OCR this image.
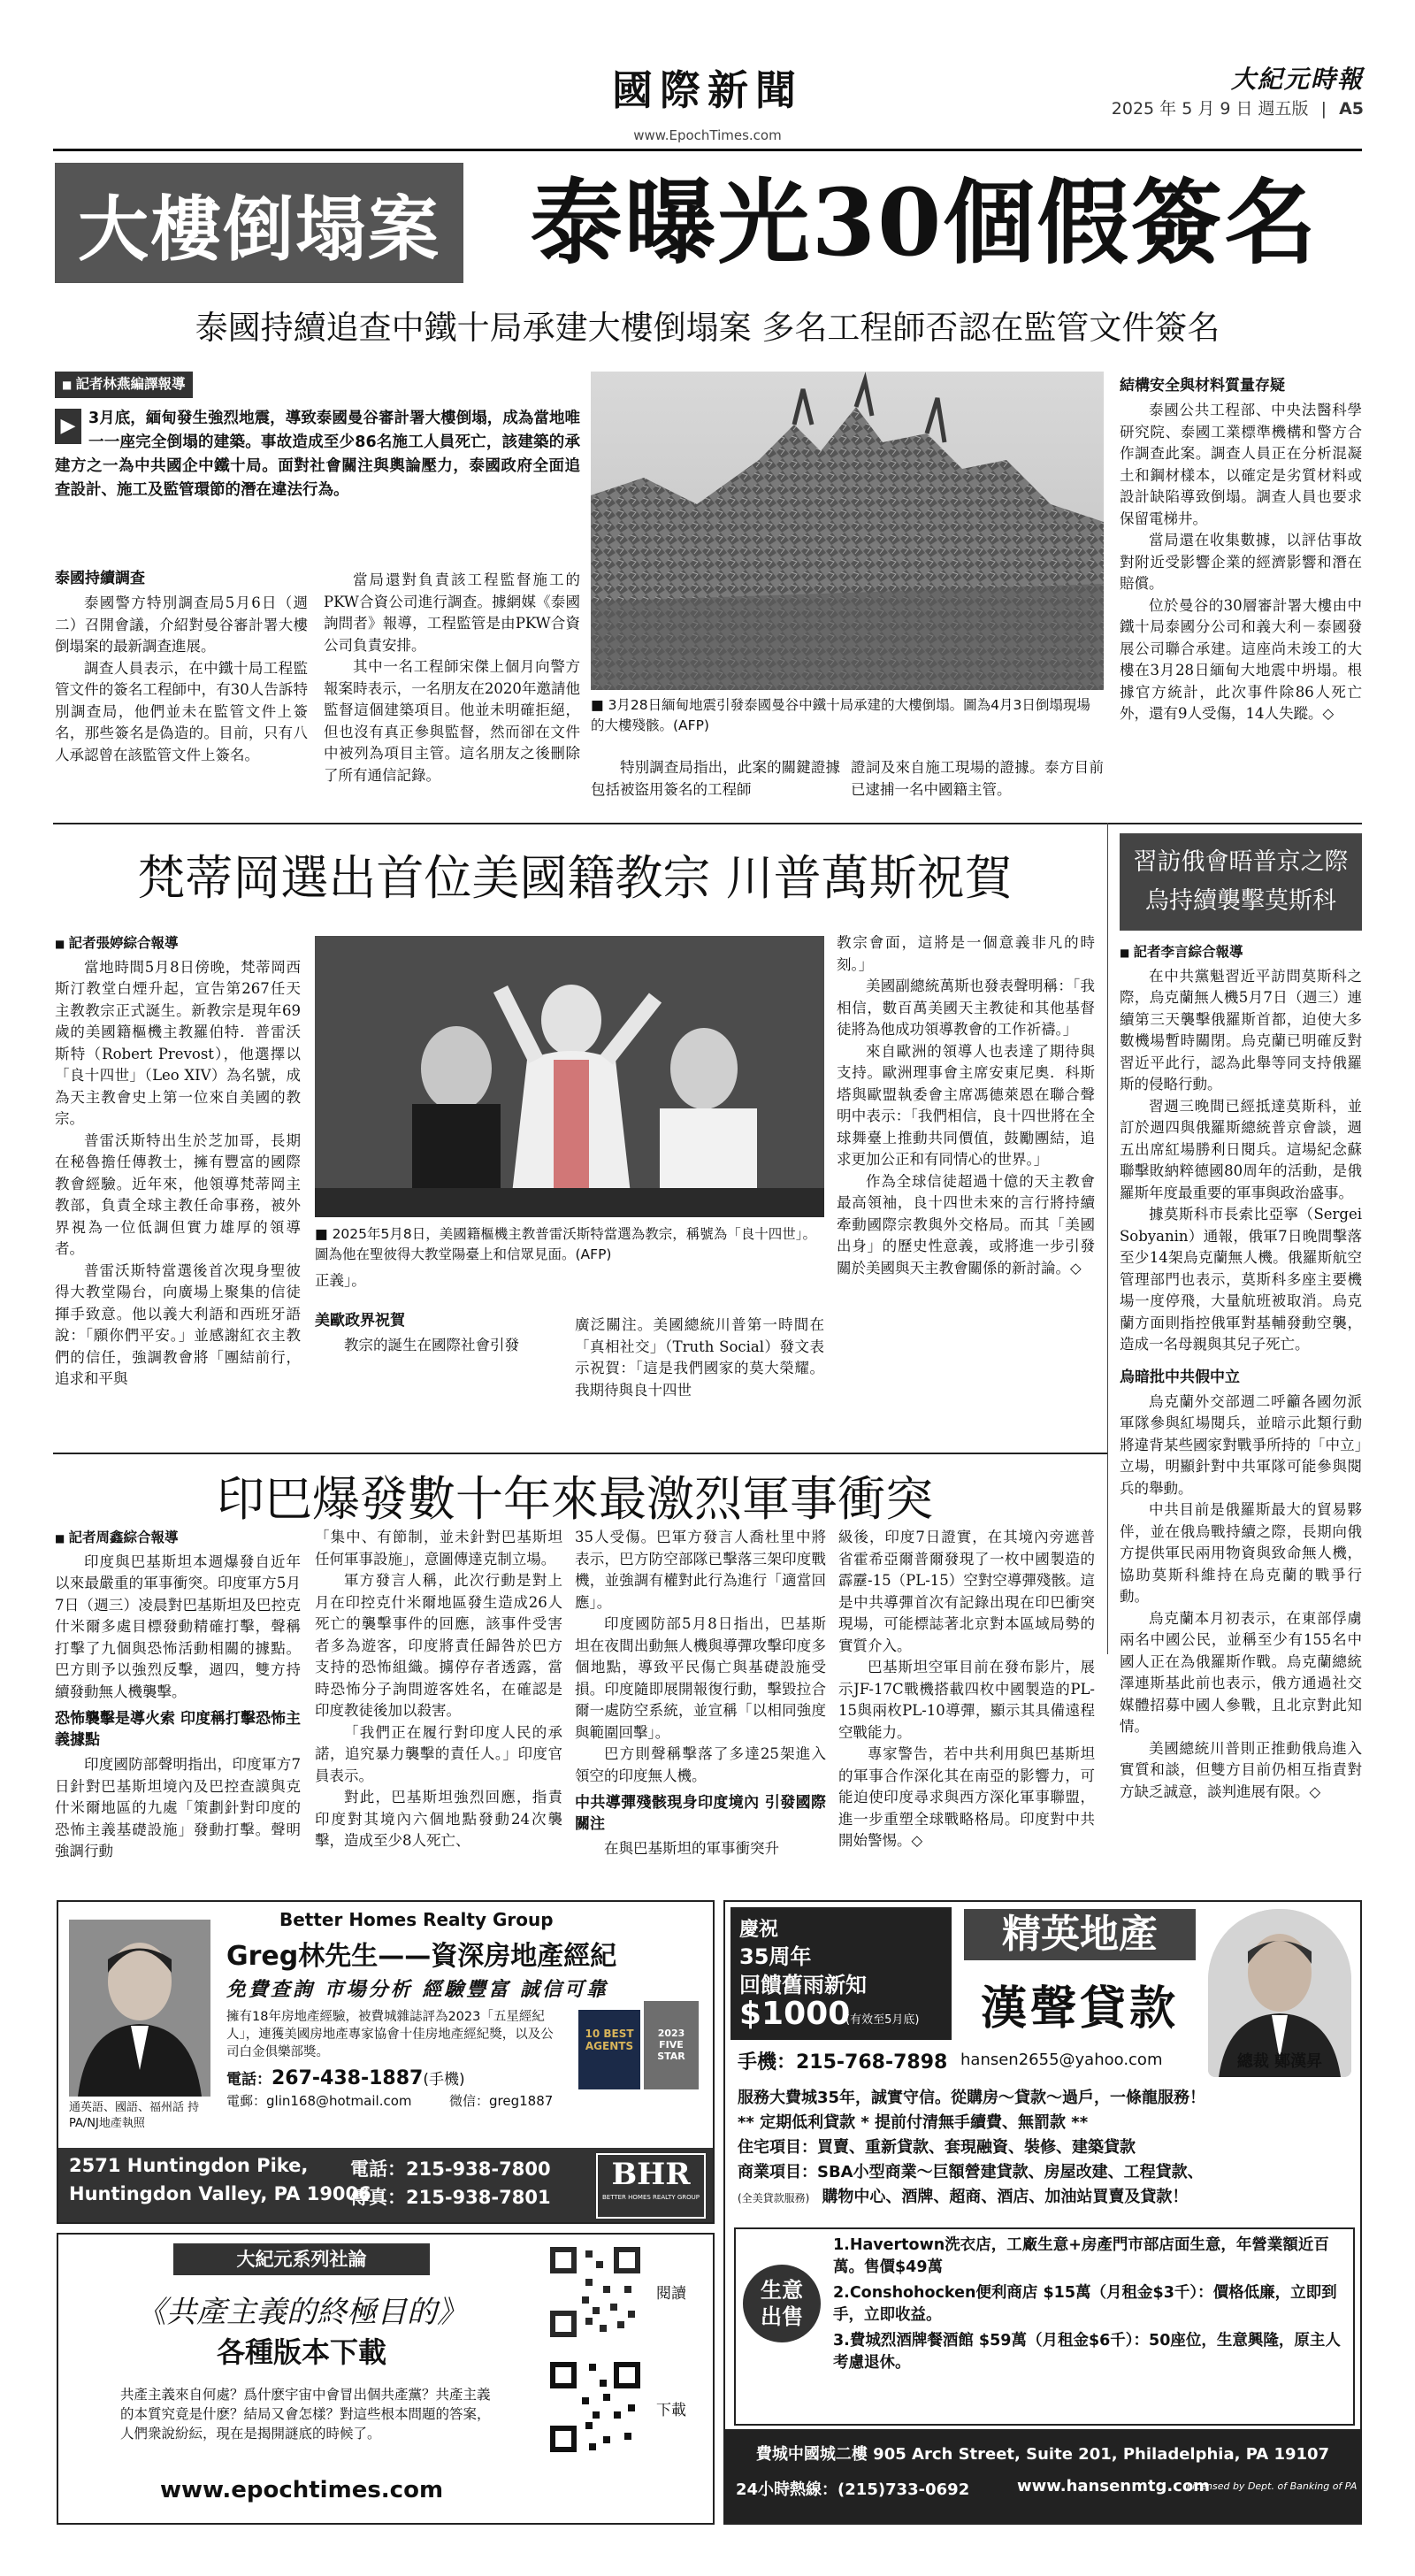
國際新聞
www.EpochTimes.com
大紀元時報
2025 年 5 月 9 日 週五版 | A5
大樓倒塌案 泰曝光30個假簽名
泰國持續追查中鐵十局承建大樓倒塌案 多名工程師否認在監管文件簽名
■ 記者林燕編譯報導
▶ 3月底，緬甸發生強烈地震，導致泰國曼谷審計署大樓倒塌，成為當地唯一一座完全倒塌的建築。事故造成至少86名施工人員死亡，該建築的承建方之一為中共國企中鐵十局。面對社會關注與輿論壓力，泰國政府全面追查設計、施工及監管環節的潛在違法行為。
泰國持續調查

泰國警方特別調查局5月6日（週二）召開會議，介紹對曼谷審計署大樓倒塌案的最新調查進展。

調查人員表示，在中鐵十局工程監管文件的簽名工程師中，有30人告訴特別調查局，他們並未在監管文件上簽名，那些簽名是偽造的。目前，只有八人承認曾在該監管文件上簽名。

當局還對負責該工程監督施工的PKW合資公司進行調查。據網媒《泰國詢問者》報導，工程監管是由PKW合資公司負責安排。

其中一名工程師宋傑上個月向警方報案時表示，一名朋友在2020年邀請他監督這個建築項目。他並未明確拒絕，但也沒有真正參與監督，然而卻在文件中被列為項目主管。這名朋友之後刪除了所有通信記錄。

■ 3月28日緬甸地震引發泰國曼谷中鐵十局承建的大樓倒塌。圖為4月3日倒塌現場的大樓殘骸。(AFP)

特別調查局指出，此案的關鍵證據包括被盜用簽名的工程師

證詞及來自施工現場的證據。泰方目前已逮捕一名中國籍主管。

結構安全與材料質量存疑

泰國公共工程部、中央法醫科學研究院、泰國工業標準機構和警方合作調查此案。調查人員正在分析混凝土和鋼材樣本，以確定是劣質材料或設計缺陷導致倒塌。調查人員也要求保留電梯井。

當局還在收集數據，以評估事故對附近受影響企業的經濟影響和潛在賠償。

位於曼谷的30層審計署大樓由中鐵十局泰國分公司和義大利－泰國發展公司聯合承建。這座尚未竣工的大樓在3月28日緬甸大地震中坍塌。根據官方統計，此次事件除86人死亡外，還有9人受傷，14人失蹤。◇

梵蒂岡選出首位美國籍教宗 川普萬斯祝賀
■ 記者張婷綜合報導

當地時間5月8日傍晚，梵蒂岡西斯汀教堂白煙升起，宣告第267任天主教教宗正式誕生。新教宗是現年69歲的美國籍樞機主教羅伯特．普雷沃斯特（Robert Prevost），他選擇以「良十四世」（Leo XIV）為名號，成為天主教會史上第一位來自美國的教宗。

普雷沃斯特出生於芝加哥，長期在秘魯擔任傳教士，擁有豐富的國際教會經驗。近年來，他領導梵蒂岡主教部，負責全球主教任命事務，被外界視為一位低調但實力雄厚的領導者。

普雷沃斯特當選後首次現身聖彼得大教堂陽台，向廣場上聚集的信徒揮手致意。他以義大利語和西班牙語說：「願你們平安。」並感謝紅衣主教們的信任，強調教會將「團結前行，追求和平與

■ 2025年5月8日，美國籍樞機主教普雷沃斯特當選為教宗，稱號為「良十四世」。圖為他在聖彼得大教堂陽臺上和信眾見面。(AFP)

正義」。

美歐政界祝賀

教宗的誕生在國際社會引發

廣泛關注。美國總統川普第一時間在「真相社交」（Truth Social）發文表示祝賀：「這是我們國家的莫大榮耀。我期待與良十四世

教宗會面，這將是一個意義非凡的時刻。」

美國副總統萬斯也發表聲明稱：「我相信，數百萬美國天主教徒和其他基督徒將為他成功領導教會的工作祈禱。」

來自歐洲的領導人也表達了期待與支持。歐洲理事會主席安東尼奧．科斯塔與歐盟執委會主席馮德萊恩在聯合聲明中表示：「我們相信，良十四世將在全球舞臺上推動共同價值，鼓勵團結，追求更加公正和有同情心的世界。」

作為全球信徒超過十億的天主教會最高領袖，良十四世未來的言行將持續牽動國際宗教與外交格局。而其「美國出身」的歷史性意義，或將進一步引發關於美國與天主教會關係的新討論。◇

習訪俄會晤普京之際 烏持續襲擊莫斯科
■ 記者李言綜合報導

在中共黨魁習近平訪問莫斯科之際，烏克蘭無人機5月7日（週三）連續第三天襲擊俄羅斯首都，迫使大多數機場暫時關閉。烏克蘭已明確反對習近平此行，認為此舉等同支持俄羅斯的侵略行動。

習週三晚間已經抵達莫斯科，並訂於週四與俄羅斯總統普京會談，週五出席紅場勝利日閱兵。這場紀念蘇聯擊敗納粹德國80周年的活動，是俄羅斯年度最重要的軍事與政治盛事。

據莫斯科市長索比亞寧（Sergei Sobyanin）通報，俄軍7日晚間擊落至少14架烏克蘭無人機。俄羅斯航空管理部門也表示，莫斯科多座主要機場一度停飛，大量航班被取消。烏克蘭方面則指控俄軍對基輔發動空襲，造成一名母親與其兒子死亡。

烏暗批中共假中立

烏克蘭外交部週二呼籲各國勿派軍隊參與紅場閱兵，並暗示此類行動將違背某些國家對戰爭所持的「中立」立場，明顯針對中共軍隊可能參與閱兵的舉動。

中共目前是俄羅斯最大的貿易夥伴，並在俄烏戰持續之際，長期向俄方提供軍民兩用物資與致命無人機，協助莫斯科維持在烏克蘭的戰爭行動。

烏克蘭本月初表示，在東部俘虜兩名中國公民，並稱至少有155名中國人正在為俄羅斯作戰。烏克蘭總統澤連斯基此前也表示，俄方通過社交媒體招募中國人參戰，且北京對此知情。

美國總統川普則正推動俄烏進入實質和談，但雙方目前仍相互指責對方缺乏誠意，談判進展有限。◇

印巴爆發數十年來最激烈軍事衝突
■ 記者周鑫綜合報導

印度與巴基斯坦本週爆發自近年以來最嚴重的軍事衝突。印度軍方5月7日（週三）凌晨對巴基斯坦及巴控克什米爾多處目標發動精確打擊，聲稱打擊了九個與恐怖活動相關的據點。巴方則予以強烈反擊，週四，雙方持續發動無人機襲擊。

恐怖襲擊是導火索 印度稱打擊恐怖主義據點

印度國防部聲明指出，印度軍方7日針對巴基斯坦境內及巴控查謨與克什米爾地區的九處「策劃針對印度的恐怖主義基礎設施」發動打擊。聲明強調行動

「集中、有節制，並未針對巴基斯坦任何軍事設施」，意圖傳達克制立場。

軍方發言人稱，此次行動是對上月在印控克什米爾地區發生造成26人死亡的襲擊事件的回應，該事件受害者多為遊客，印度將責任歸咎於巴方支持的恐怖組織。擄停存者透露，當時恐怖分子詢問遊客姓名，在確認是印度教徒後加以殺害。

「我們正在履行對印度人民的承諾，追究暴力襲擊的責任人。」印度官員表示。

對此，巴基斯坦強烈回應，指責印度對其境內六個地點發動24次襲擊，造成至少8人死亡、

35人受傷。巴軍方發言人喬杜里中將表示，巴方防空部隊已擊落三架印度戰機，並強調有權對此行為進行「適當回應」。

印度國防部5月8日指出，巴基斯坦在夜間出動無人機與導彈攻擊印度多個地點，導致平民傷亡與基礎設施受損。印度隨即展開報復行動，擊毀拉合爾一處防空系統，並宣稱「以相同強度與範圍回擊」。

巴方則聲稱擊落了多達25架進入領空的印度無人機。

中共導彈殘骸現身印度境內 引發國際關注

在與巴基斯坦的軍事衝突升

級後，印度7日證實，在其境內旁遮普省霍希亞爾普爾發現了一枚中國製造的霹靂-15（PL-15）空對空導彈殘骸。這是中共導彈首次有記錄出現在印巴衝突現場，可能標誌著北京對本區域局勢的實質介入。

巴基斯坦空軍目前在發布影片，展示JF-17C戰機搭載四枚中國製造的PL-15與兩枚PL-10導彈，顯示其具備遠程空戰能力。

專家警告，若中共利用與巴基斯坦的軍事合作深化其在南亞的影響力，可能迫使印度尋求與西方深化軍事聯盟，進一步重塑全球戰略格局。印度對中共開始警惕。◇

Better Homes Realty Group
Greg林先生——資深房地產經紀
免費查詢 市場分析 經驗豐富 誠信可靠
通英語、國語、福州話 持PA/NJ地產執照
擁有18年房地產經驗，被費城雜誌評為2023「五星經紀人」，連獲美國房地產專家協會十佳房地產經紀獎，以及公司白金俱樂部獎。
電話：267-438-1887(手機)
電郵：glin168@hotmail.com	微信：greg1887
10 BEST AGENTS
2023 FIVE STAR
2571 Huntingdon Pike,
Huntingdon Valley, PA 19006
電話：215-938-7800
傳真：215-938-7801
BHR
BETTER HOMES REALTY GROUP
大紀元系列社論
《共產主義的終極目的》
各種版本下載
共產主義來自何處？爲什麽宇宙中會冒出個共產黨？共產主義的本質究竟是什麽？結局又會怎樣？對這些根本問題的答案，人們衆說紛紜，現在是揭開謎底的時候了。
www.epochtimes.com
閱讀
下載
慶祝
35周年
回饋舊雨新知
$1000
(有效至5月底)
精英地產
漢聲貸款
總裁 鄭漢昇
手機：215-768-7898 hansen2655@yahoo.com
服務大費城35年，誠實守信。從購房～貸款～過戶，一條龍服務！
** 定期低利貸款 * 提前付清無手續費、無罰款 **
住宅項目：買賣、重新貸款、套現融資、裝修、建築貸款
商業項目：SBA小型商業～巨額營建貸款、房屋改建、工程貸款、
(全美貸款服務) 購物中心、酒牌、超商、酒店、加油站買賣及貸款！
生意 出售
1.Havertown洗衣店，工廠生意+房產門市部店面生意，年營業額近百萬。售價$49萬
2.Conshohocken便利商店 $15萬（月租金$3千）：價格低廉，立即到手，立即收益。
3.費城烈酒牌餐酒館 $59萬（月租金$6千）：50座位，生意興隆，原主人考慮退休。
費城中國城二樓 905 Arch Street, Suite 201, Philadelphia, PA 19107
24小時熱線：(215)733-0692	www.hansenmtg.com
Licensed by Dept. of Banking of PA
